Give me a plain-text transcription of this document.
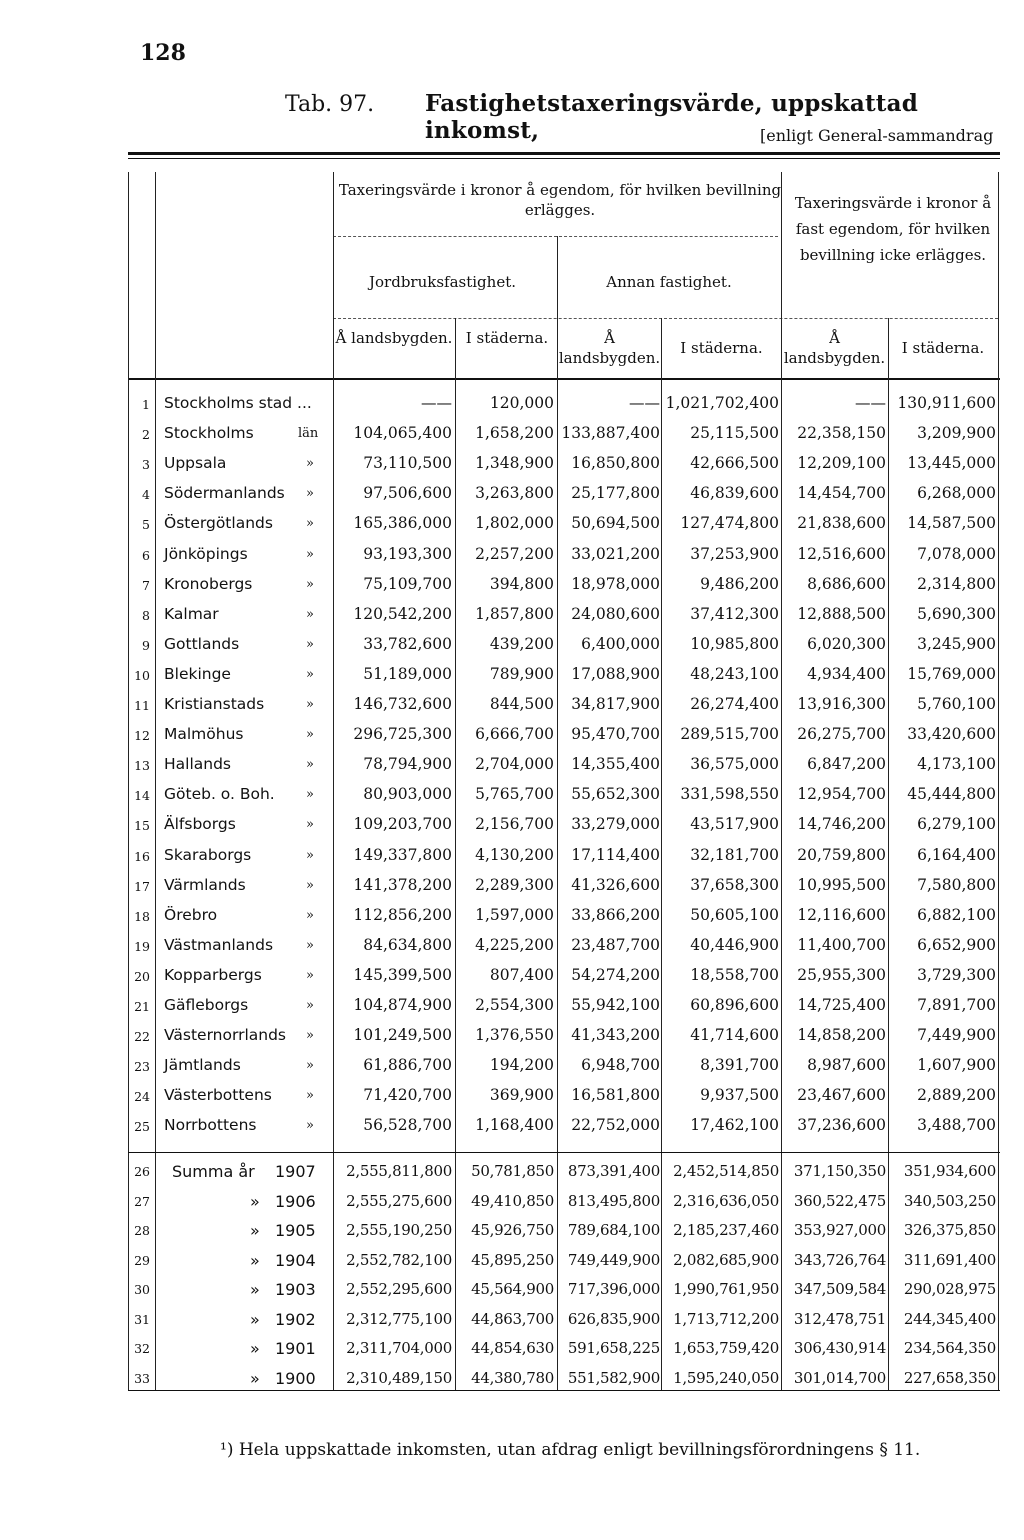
128
Tab. 97. Fastighetstaxeringsvärde, uppskattad inkomst,	[enligt General-sammandrag
Taxeringsvärde i kronor å egendom, för hvilken bevillning erlägges.
Jordbruksfastighet.	Annan fastighet.
Taxeringsvärde i kronor å fast egendom, för hvilken bevillning icke erlägges.
Å landsbygden. I städerna.	Å landsbygden.
I städerna.
Å landsbygden.
I städerna.
1 Stockholms stad ...	——	120,000	—— 1,021,702,400	—— 130,911,600
2 Stockholms	län	104,065,400	1,658,200 133,887,400	25,115,500	22,358,150	3,209,900
3 Uppsala	»	73,110,500	1,348,900	16,850,800	42,666,500	12,209,100	13,445,000
4 Södermanlands »	97,506,600	3,263,800	25,177,800	46,839,600	14,454,700	6,268,000
5 Östergötlands	»	165,386,000	1,802,000	50,694,500	127,474,800	21,838,600	14,587,500
6 Jönköpings	»	93,193,300	2,257,200	33,021,200	37,253,900	12,516,600	7,078,000
7 Kronobergs	»	75,109,700	394,800	18,978,000	9,486,200	8,686,600	2,314,800
8 Kalmar	»	120,542,200	1,857,800	24,080,600	37,412,300	12,888,500	5,690,300
9 Gottlands	»	33,782,600	439,200	6,400,000	10,985,800	6,020,300	3,245,900
10 Blekinge	»	51,189,000	789,900	17,088,900	48,243,100	4,934,400	15,769,000
11 Kristianstads	»	146,732,600	844,500	34,817,900	26,274,400	13,916,300	5,760,100
12 Malmöhus	»	296,725,300	6,666,700	95,470,700	289,515,700	26,275,700	33,420,600
13 Hallands	»	78,794,900	2,704,000	14,355,400	36,575,000	6,847,200	4,173,100
14 Göteb. o. Boh. »	80,903,000	5,765,700	55,652,300	331,598,550	12,954,700	45,444,800
15 Älfsborgs	»	109,203,700	2,156,700	33,279,000	43,517,900	14,746,200	6,279,100
16 Skaraborgs	»	149,337,800	4,130,200	17,114,400	32,181,700	20,759,800	6,164,400
17 Värmlands	»	141,378,200	2,289,300	41,326,600	37,658,300	10,995,500	7,580,800
18 Örebro	»	112,856,200	1,597,000	33,866,200	50,605,100	12,116,600	6,882,100
19 Västmanlands	»	84,634,800	4,225,200	23,487,700	40,446,900	11,400,700	6,652,900
20 Kopparbergs	»	145,399,500	807,400	54,274,200	18,558,700	25,955,300	3,729,300
21 Gäfleborgs	»	104,874,900	2,554,300	55,942,100	60,896,600	14,725,400	7,891,700
22 Västernorrlands »	101,249,500	1,376,550	41,343,200	41,714,600	14,858,200	7,449,900
23 Jämtlands	»	61,886,700	194,200	6,948,700	8,391,700	8,987,600	1,607,900
24 Västerbottens	»	71,420,700	369,900	16,581,800	9,937,500	23,467,600	2,889,200
25 Norrbottens	»	56,528,700	1,168,400	22,752,000	17,462,100	37,236,600	3,488,700
26 Summa år 1907	2,555,811,800	50,781,850 873,391,400 2,452,514,850 371,150,350	351,934,600
27	» 1906	2,555,275,600	49,410,850 813,495,800 2,316,636,050 360,522,475	340,503,250
28	» 1905	2,555,190,250	45,926,750 789,684,100 2,185,237,460 353,927,000	326,375,850
29	» 1904	2,552,782,100	45,895,250 749,449,900 2,082,685,900 343,726,764	311,691,400
30	» 1903	2,552,295,600	45,564,900 717,396,000 1,990,761,950 347,509,584	290,028,975
31	» 1902	2,312,775,100	44,863,700 626,835,900 1,713,712,200 312,478,751	244,345,400
32	» 1901	2,311,704,000	44,854,630 591,658,225 1,653,759,420 306,430,914	234,564,350
33	» 1900	2,310,489,150	44,380,780 551,582,900 1,595,240,050 301,014,700	227,658,350
¹) Hela uppskattade inkomsten, utan afdrag enligt bevillningsförordningens § 11.
